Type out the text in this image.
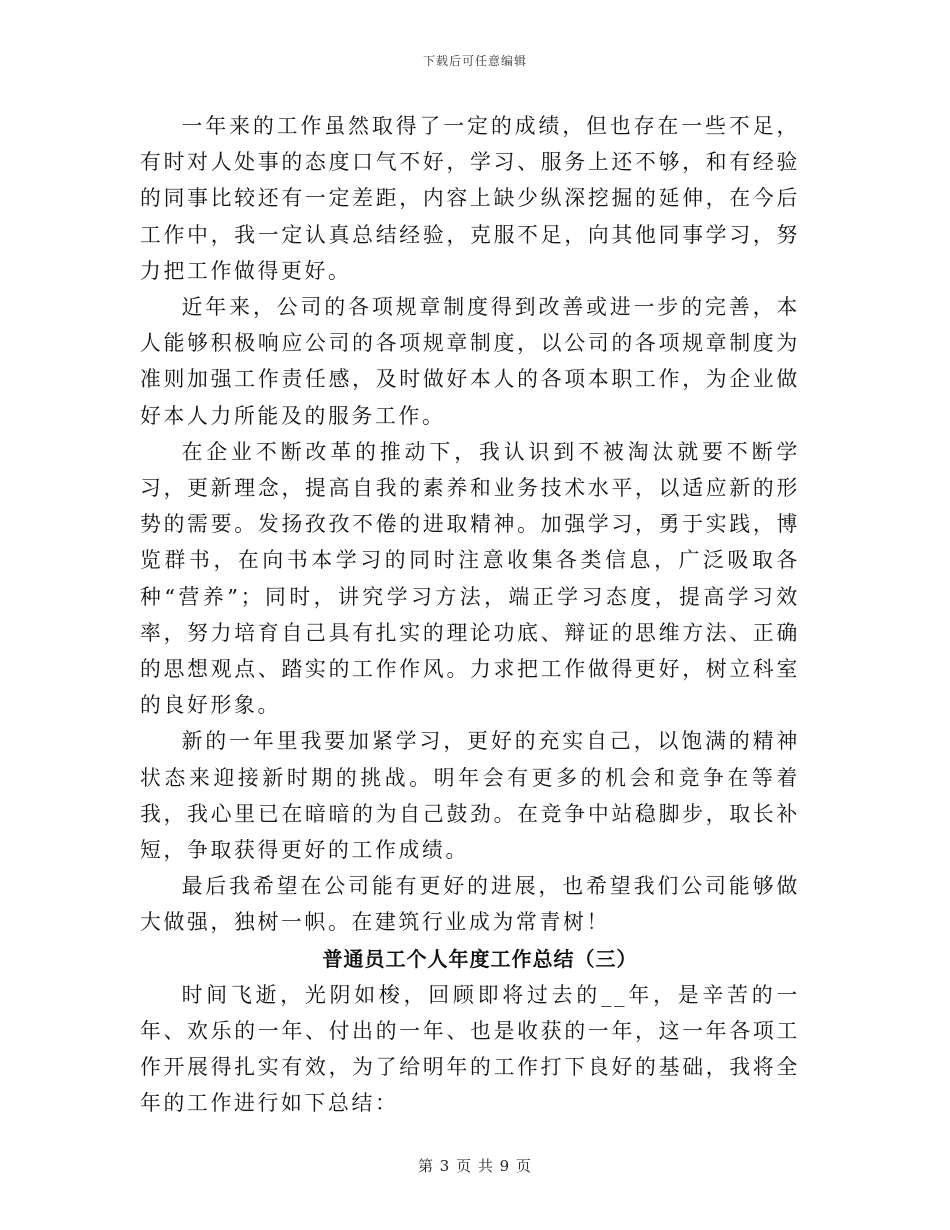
下载后可任意编辑

一年来的工作虽然取得了一定的成绩，但也存在一些不足，有时对人处事的态度口气不好，学习、服务上还不够，和有经验的同事比较还有一定差距，内容上缺少纵深挖掘的延伸，在今后工作中，我一定认真总结经验，克服不足，向其他同事学习，努力把工作做得更好。

近年来，公司的各项规章制度得到改善或进一步的完善，本人能够积极响应公司的各项规章制度，以公司的各项规章制度为准则加强工作责任感，及时做好本人的各项本职工作，为企业做好本人力所能及的服务工作。

在企业不断改革的推动下，我认识到不被淘汰就要不断学习，更新理念，提高自我的素养和业务技术水平，以适应新的形势的需要。发扬孜孜不倦的进取精神。加强学习，勇于实践，博览群书，在向书本学习的同时注意收集各类信息，广泛吸取各种“营养”；同时，讲究学习方法，端正学习态度，提高学习效率，努力培育自己具有扎实的理论功底、辩证的思维方法、正确的思想观点、踏实的工作作风。力求把工作做得更好，树立科室的良好形象。

新的一年里我要加紧学习，更好的充实自己，以饱满的精神状态来迎接新时期的挑战。明年会有更多的机会和竞争在等着我，我心里已在暗暗的为自己鼓劲。在竞争中站稳脚步，取长补短，争取获得更好的工作成绩。

最后我希望在公司能有更好的进展，也希望我们公司能够做大做强，独树一帜。在建筑行业成为常青树！

普通员工个人年度工作总结（三）

时间飞逝，光阴如梭，回顾即将过去的__年，是辛苦的一年、欢乐的一年、付出的一年、也是收获的一年，这一年各项工作开展得扎实有效，为了给明年的工作打下良好的基础，我将全年的工作进行如下总结：

第 3 页 共 9 页
